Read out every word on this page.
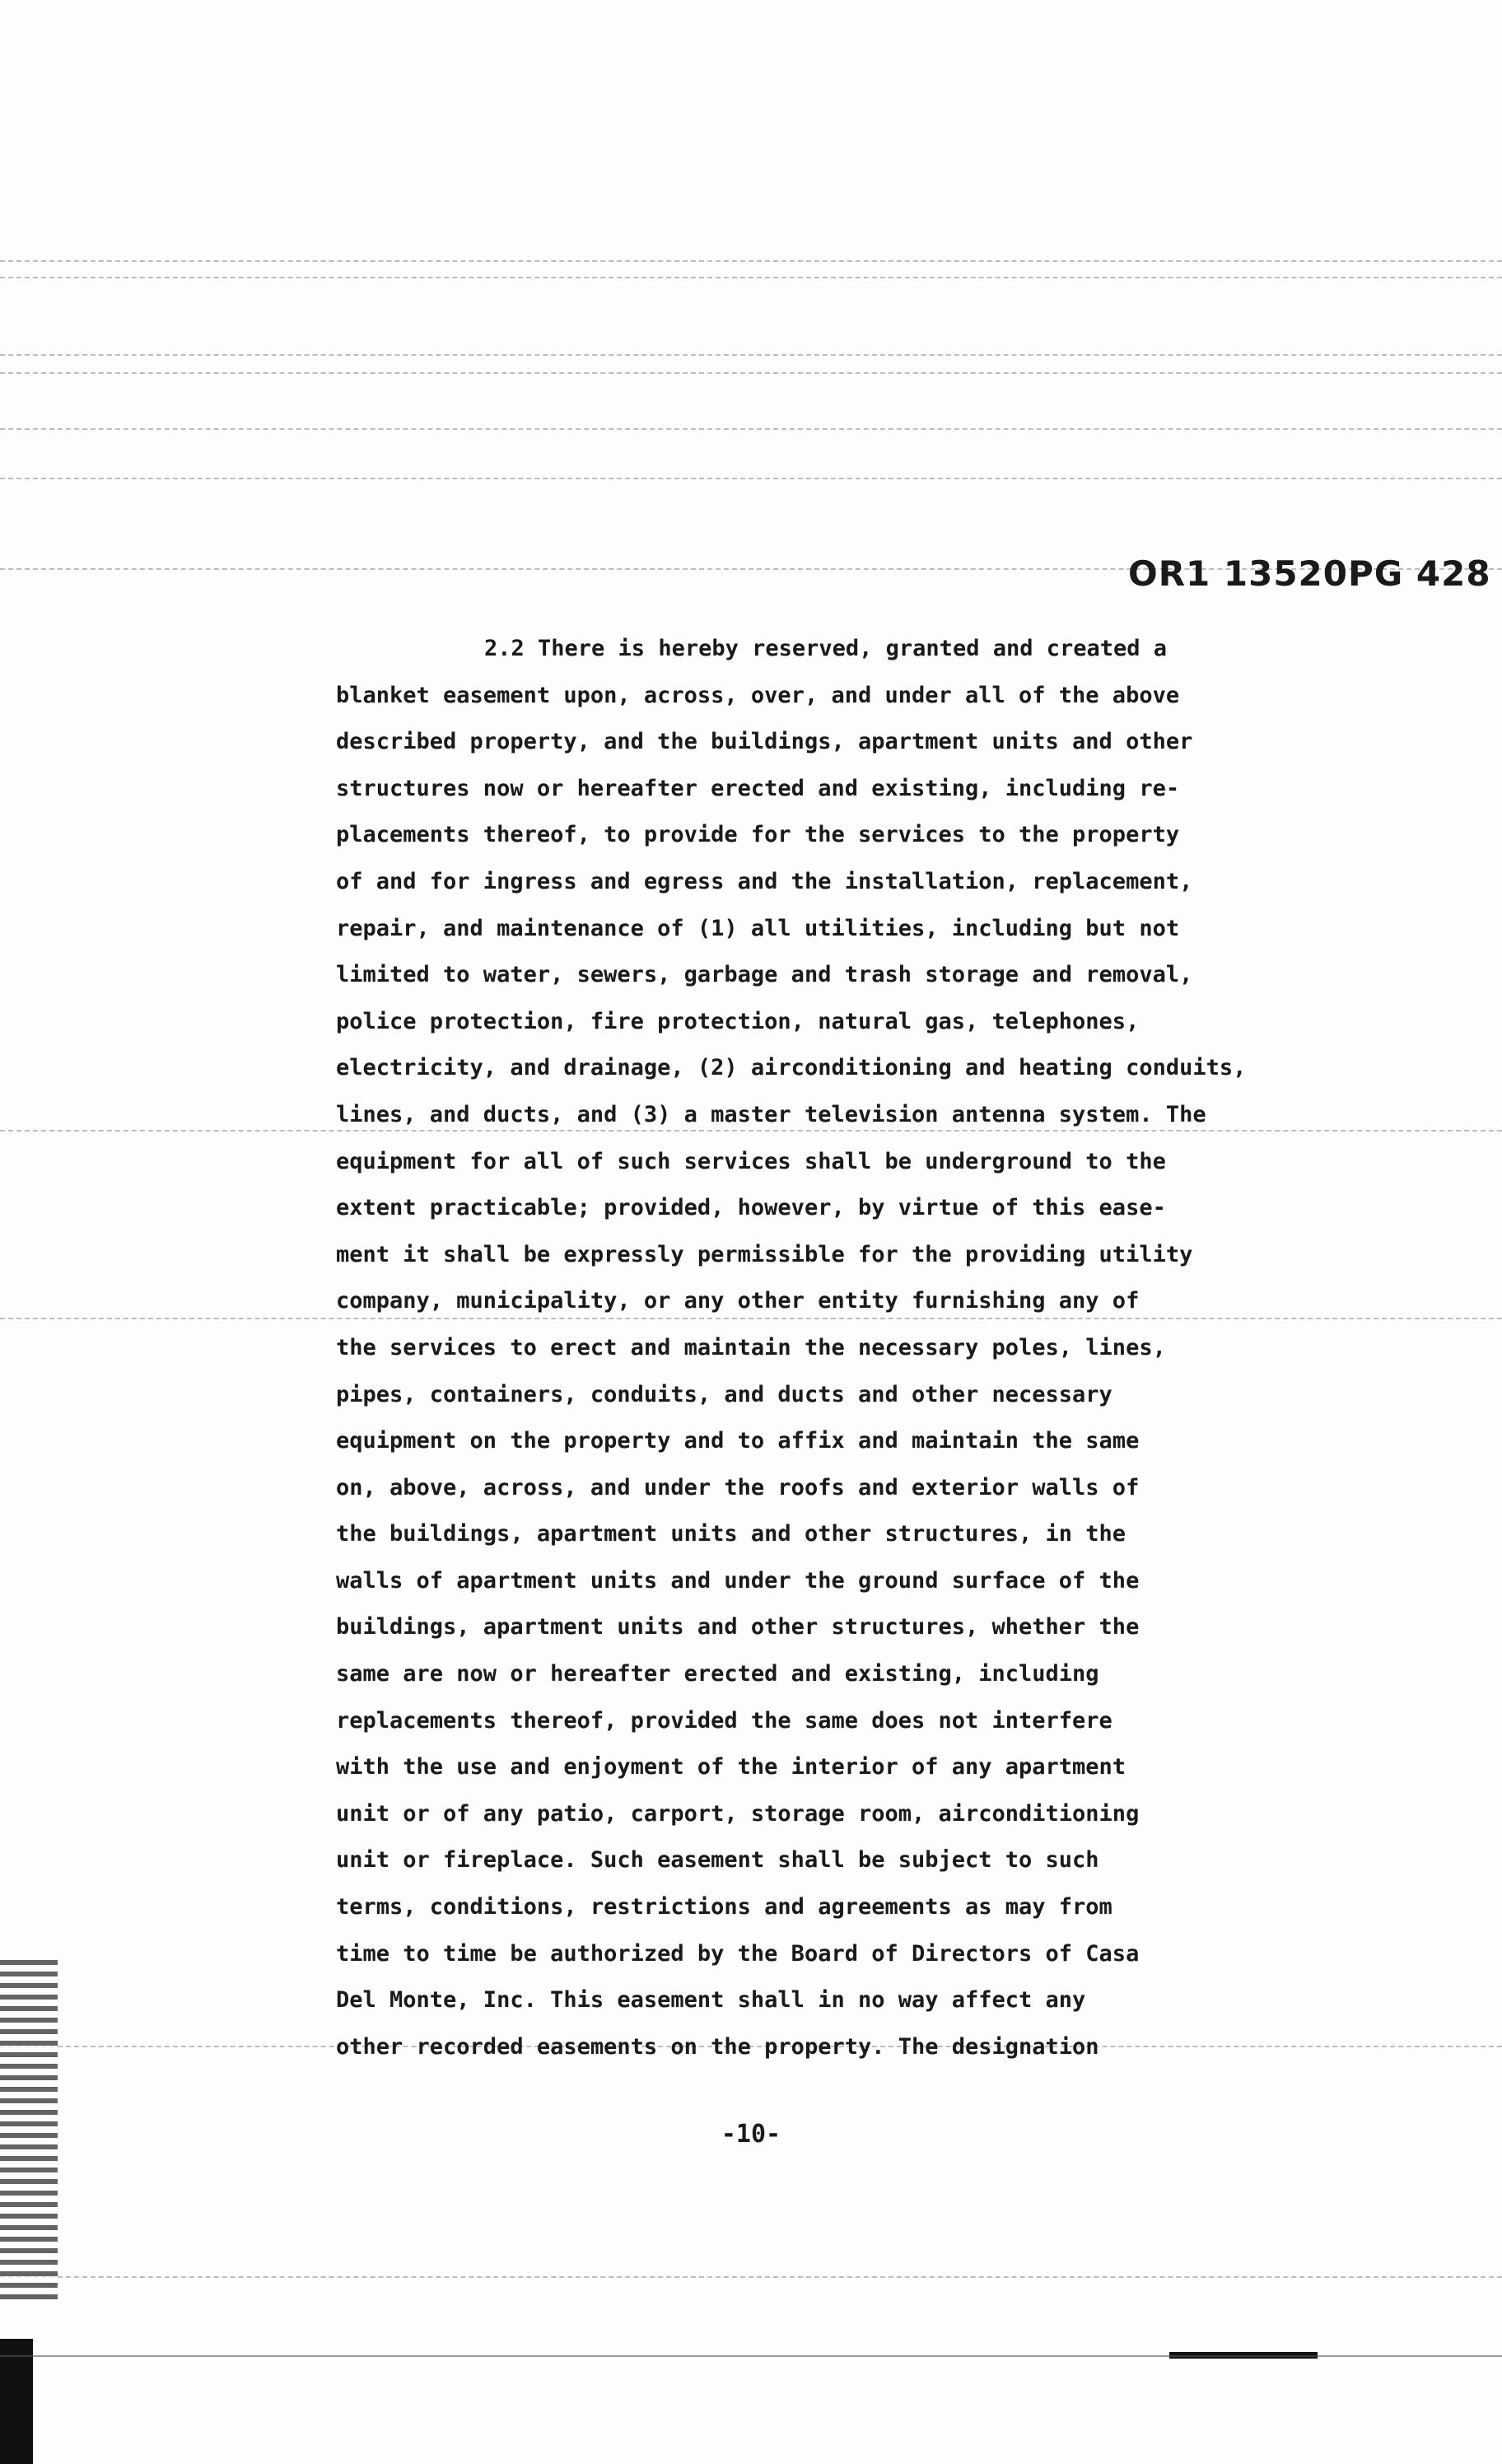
OR1 13520PG 428
2.2 There is hereby reserved, granted and created a
blanket easement upon, across, over, and under all of the above
described property, and the buildings, apartment units and other
structures now or hereafter erected and existing, including re-
placements thereof, to provide for the services to the property
of and for ingress and egress and the installation, replacement,
repair, and maintenance of (1) all utilities, including but not
limited to water, sewers, garbage and trash storage and removal,
police protection, fire protection, natural gas, telephones,
electricity, and drainage, (2) airconditioning and heating conduits,
lines, and ducts, and (3) a master television antenna system. The
equipment for all of such services shall be underground to the
extent practicable; provided, however, by virtue of this ease-
ment it shall be expressly permissible for the providing utility
company, municipality, or any other entity furnishing any of
the services to erect and maintain the necessary poles, lines,
pipes, containers, conduits, and ducts and other necessary
equipment on the property and to affix and maintain the same
on, above, across, and under the roofs and exterior walls of
the buildings, apartment units and other structures, in the
walls of apartment units and under the ground surface of the
buildings, apartment units and other structures, whether the
same are now or hereafter erected and existing, including
replacements thereof, provided the same does not interfere
with the use and enjoyment of the interior of any apartment
unit or of any patio, carport, storage room, airconditioning
unit or fireplace. Such easement shall be subject to such
terms, conditions, restrictions and agreements as may from
time to time be authorized by the Board of Directors of Casa
Del Monte, Inc. This easement shall in no way affect any
other recorded easements on the property. The designation
-10-
